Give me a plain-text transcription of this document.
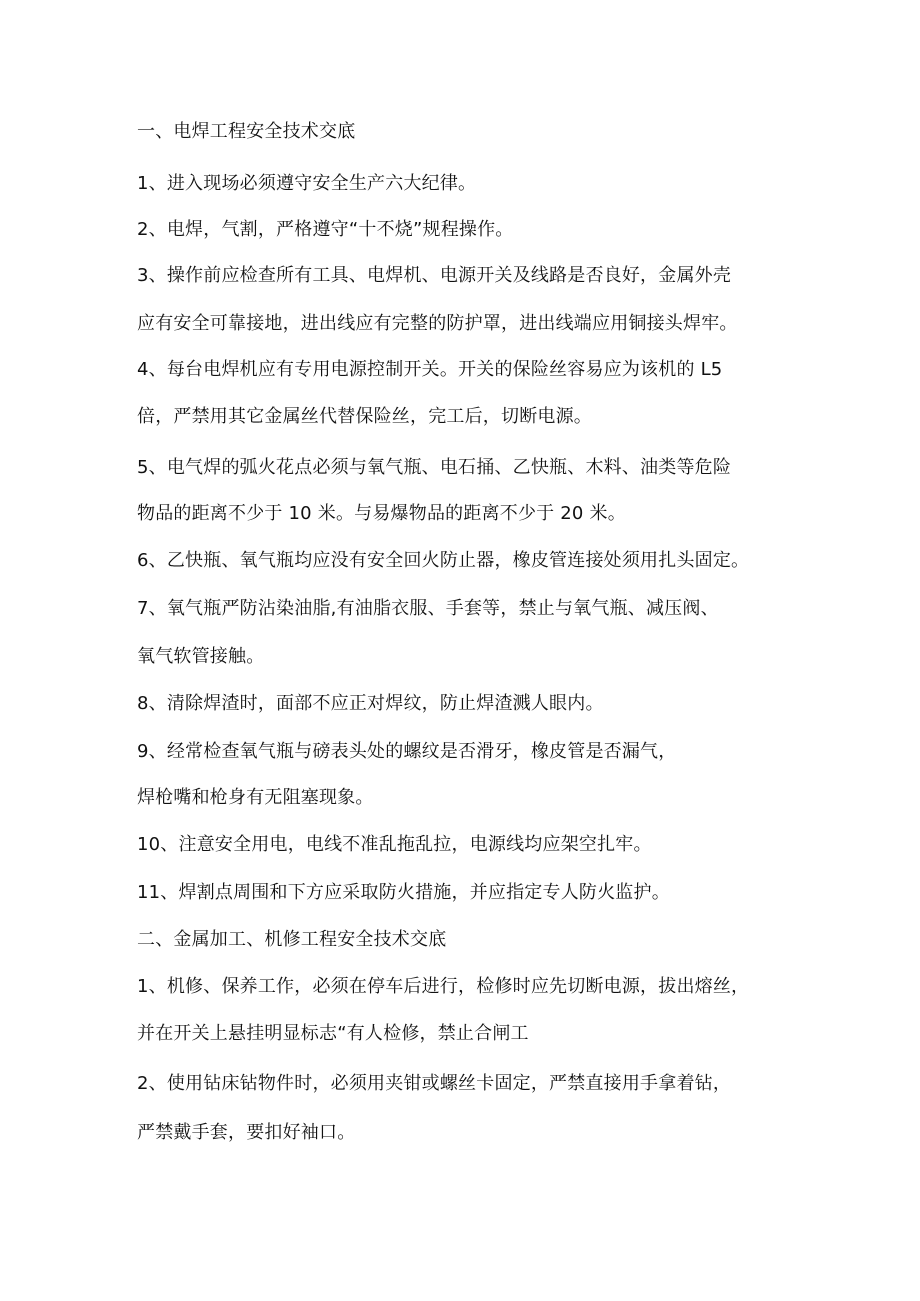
一、电焊工程安全技术交底
1、进入现场必须遵守安全生产六大纪律。
2、电焊，气割，严格遵守“十不烧”规程操作。
3、操作前应检查所有工具、电焊机、电源开关及线路是否良好，金属外壳
应有安全可靠接地，进出线应有完整的防护罩，进出线端应用铜接头焊牢。
4、每台电焊机应有专用电源控制开关。开关的保险丝容易应为该机的 L5
倍，严禁用其它金属丝代替保险丝，完工后，切断电源。
5、电气焊的弧火花点必须与氧气瓶、电石捅、乙快瓶、木料、油类等危险
物品的距离不少于 10 米。与易爆物品的距离不少于 20 米。
6、乙快瓶、氧气瓶均应没有安全回火防止器，橡皮管连接处须用扎头固定。
7、氧气瓶严防沾染油脂,有油脂衣服、手套等，禁止与氧气瓶、减压阀、
氧气软管接触。
8、清除焊渣时，面部不应正对焊纹，防止焊渣溅人眼内。
9、经常检查氧气瓶与磅表头处的螺纹是否滑牙，橡皮管是否漏气，
焊枪嘴和枪身有无阻塞现象。
10、注意安全用电，电线不准乱拖乱拉，电源线均应架空扎牢。
11、焊割点周围和下方应采取防火措施，并应指定专人防火监护。
二、金属加工、机修工程安全技术交底
1、机修、保养工作，必须在停车后进行，检修时应先切断电源，拔出熔丝，
并在开关上悬挂明显标志“有人检修，禁止合闸工
2、使用钻床钻物件时，必须用夹钳或螺丝卡固定，严禁直接用手拿着钻，
严禁戴手套，要扣好袖口。
